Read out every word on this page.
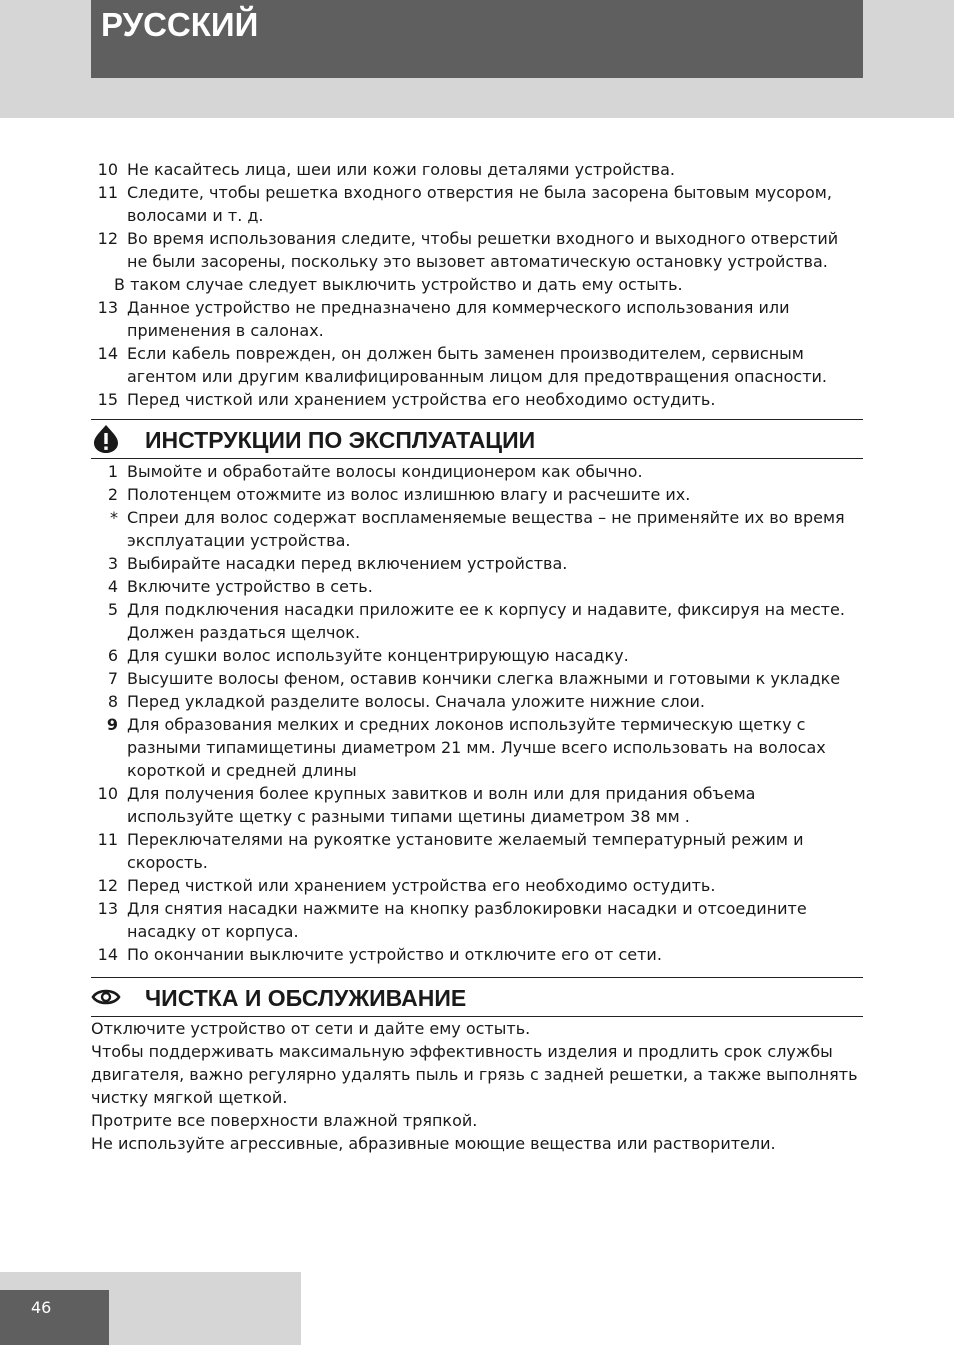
РУССКИЙ
10 Не касайтесь лица, шеи или кожи головы деталями устройства.
11 Следите, чтобы решетка входного отверстия не была засорена бытовым мусором,
волосами и т. д.
12 Во время использования следите, чтобы решетки входного и выходного отверстий
не были засорены, поскольку это вызовет автоматическую остановку устройства.
В таком случае следует выключить устройство и дать ему остыть.
13 Данное устройство не предназначено для коммерческого использования или
применения в салонах.
14 Если кабель поврежден, он должен быть заменен производителем, сервисным
агентом или другим квалифицированным лицом для предотвращения опасности.
15 Перед чисткой или хранением устройства его необходимо остудить.
ИНСТРУКЦИИ ПО ЭКСПЛУАТАЦИИ
1 Вымойте и обработайте волосы кондиционером как обычно.
2 Полотенцем отожмите из волос излишнюю влагу и расчешите их.
* Спреи для волос содержат воспламеняемые вещества – не применяйте их во время
эксплуатации устройства.
3 Выбирайте насадки перед включением устройства.
4 Включите устройство в сеть.
5 Для подключения насадки приложите ее к корпусу и надавите, фиксируя на месте.
Должен раздаться щелчок.
6 Для сушки волос используйте концентрирующую насадку.
7 Высушите волосы феном, оставив кончики слегка влажными и готовыми к укладке
8 Перед укладкой разделите волосы. Сначала уложите нижние слои.
9 Для образования мелких и средних локонов используйте термическую щетку с
разными типамищетины диаметром 21 мм. Лучше всего использовать на волосах
короткой и средней длины
10 Для получения более крупных завитков и волн или для придания объема
используйте щетку с разными типами щетины диаметром 38 мм .
11 Переключателями на рукоятке установите желаемый температурный режим и
скорость.
12 Перед чисткой или хранением устройства его необходимо остудить.
13 Для снятия насадки нажмите на кнопку разблокировки насадки и отсоедините
насадку от корпуса.
14 По окончании выключите устройство и отключите его от сети.
ЧИСТКА И ОБСЛУЖИВАНИЕ
Отключите устройство от сети и дайте ему остыть.
Чтобы поддерживать максимальную эффективность изделия и продлить срок службы
двигателя, важно регулярно удалять пыль и грязь с задней решетки, а также выполнять
чистку мягкой щеткой.
Протрите все поверхности влажной тряпкой.
Не используйте агрессивные, абразивные моющие вещества или растворители.
46
